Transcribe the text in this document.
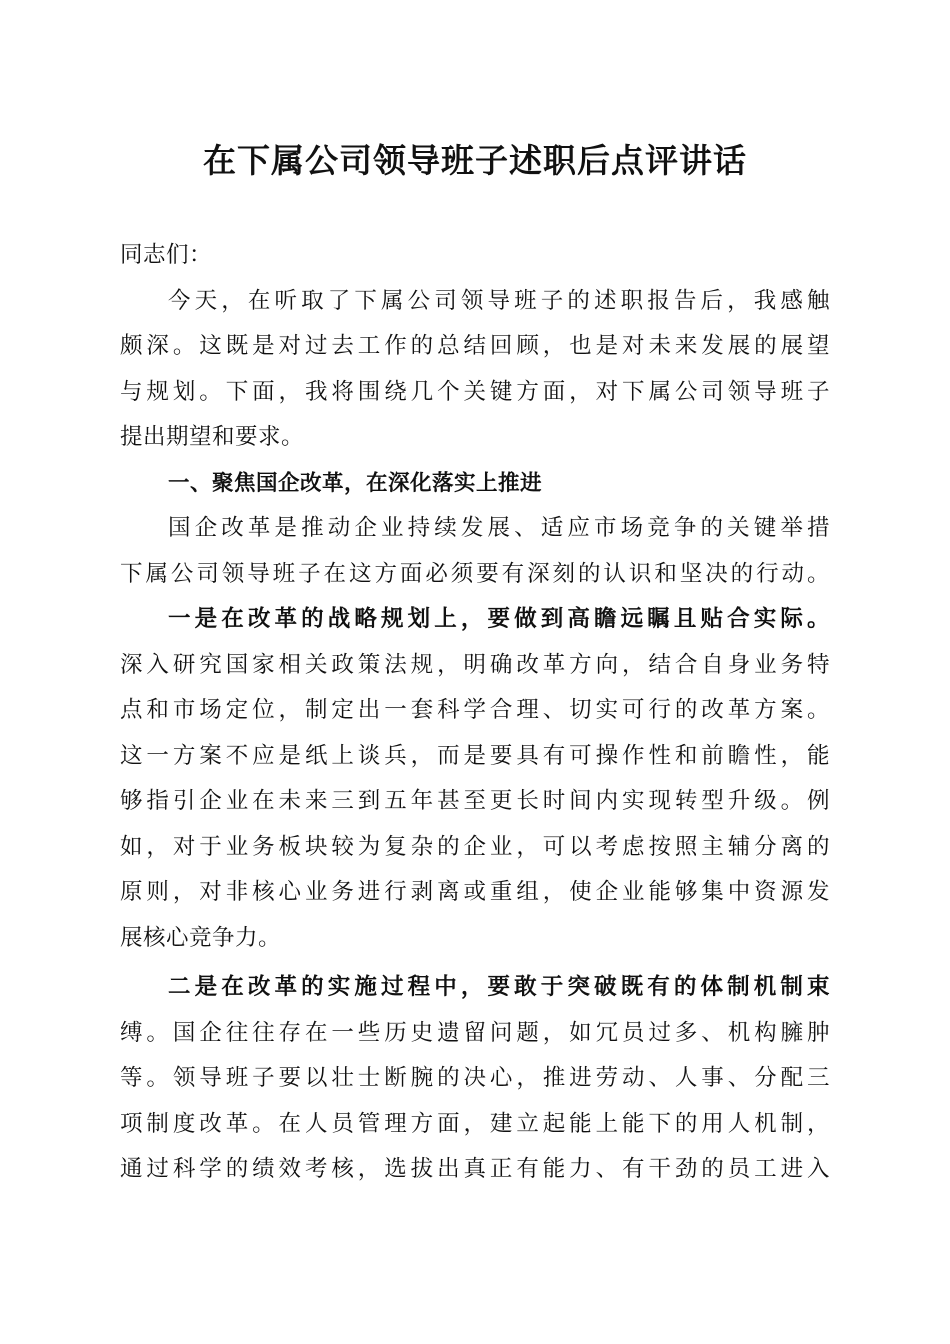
在下属公司领导班子述职后点评讲话
同志们：
今天，在听取了下属公司领导班子的述职报告后，我感触
颇深。这既是对过去工作的总结回顾，也是对未来发展的展望
与规划。下面，我将围绕几个关键方面，对下属公司领导班子
提出期望和要求。
一、聚焦国企改革，在深化落实上推进
国企改革是推动企业持续发展、适应市场竞争的关键举措
下属公司领导班子在这方面必须要有深刻的认识和坚决的行动。
一是在改革的战略规划上，要做到高瞻远瞩且贴合实际。
深入研究国家相关政策法规，明确改革方向，结合自身业务特
点和市场定位，制定出一套科学合理、切实可行的改革方案。
这一方案不应是纸上谈兵，而是要具有可操作性和前瞻性，能
够指引企业在未来三到五年甚至更长时间内实现转型升级。例
如，对于业务板块较为复杂的企业，可以考虑按照主辅分离的
原则，对非核心业务进行剥离或重组，使企业能够集中资源发
展核心竞争力。
二是在改革的实施过程中，要敢于突破既有的体制机制束
缚。国企往往存在一些历史遗留问题，如冗员过多、机构臃肿
等。领导班子要以壮士断腕的决心，推进劳动、人事、分配三
项制度改革。在人员管理方面，建立起能上能下的用人机制，
通过科学的绩效考核，选拔出真正有能力、有干劲的员工进入
